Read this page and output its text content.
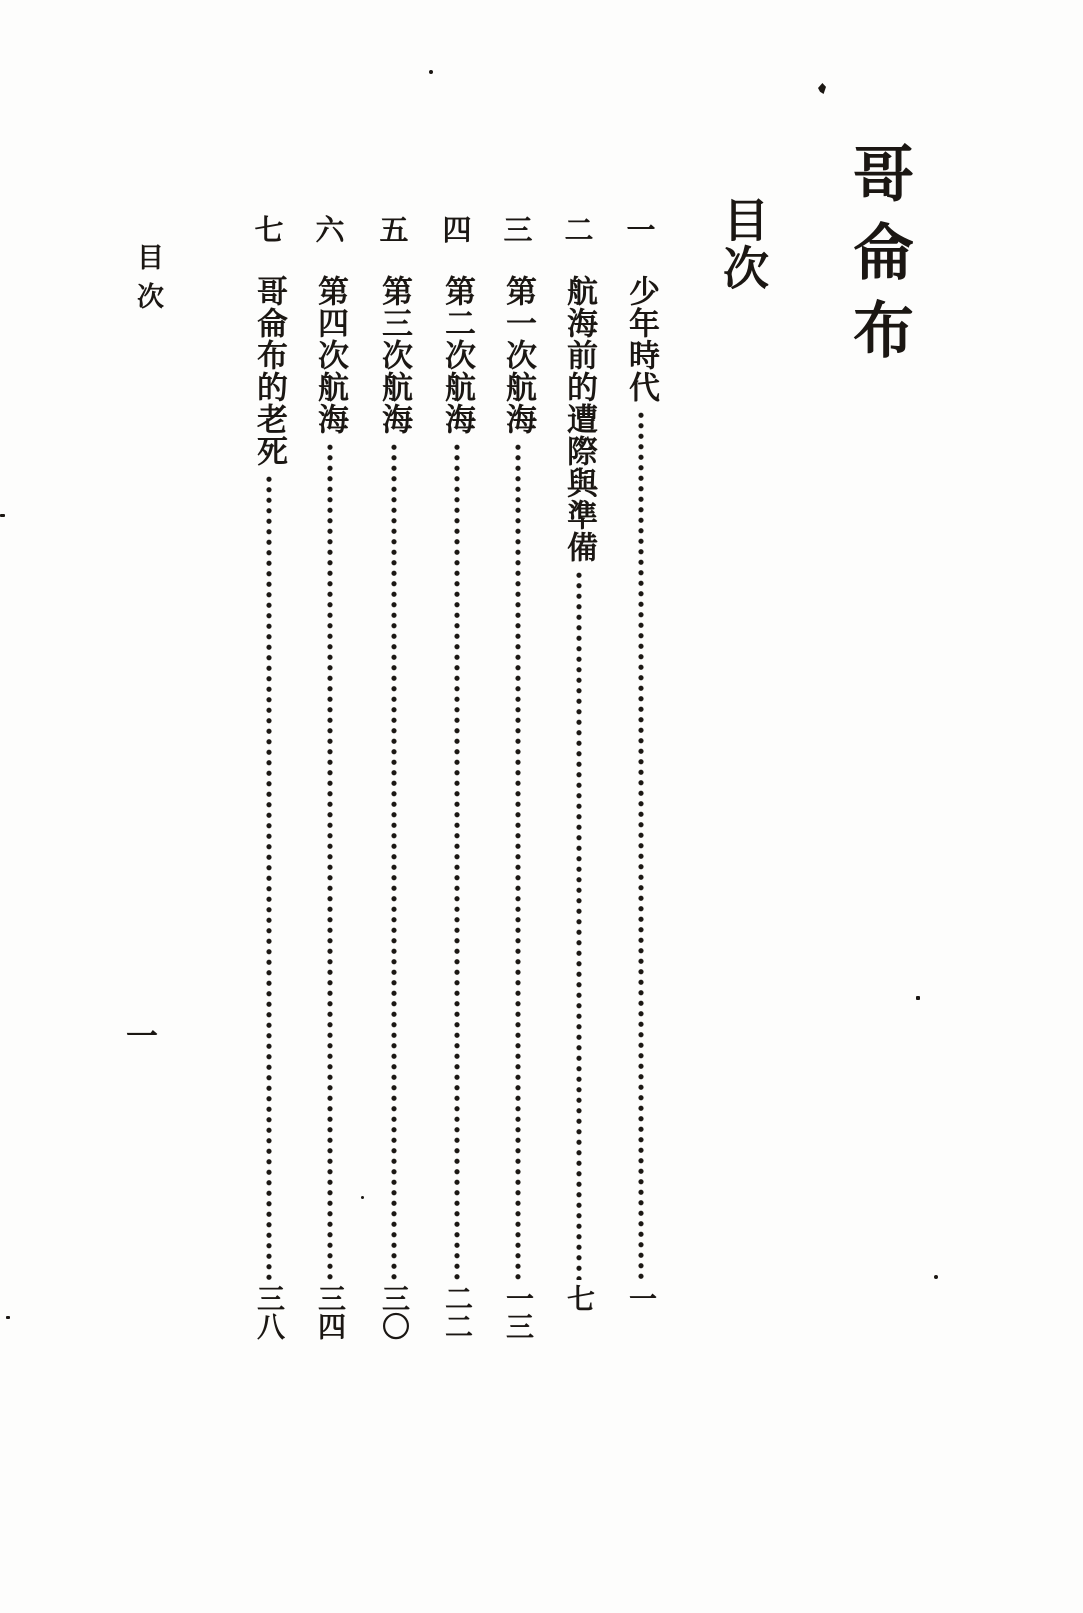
哥侖布
目次
一
少年時代
一
二
航海前的遭際與準備
七
三
第一次航海
一三
四
第二次航海
二二
五
第三次航海
三〇
六
第四次航海
三四
七
哥侖布的老死
三八
目次
一
